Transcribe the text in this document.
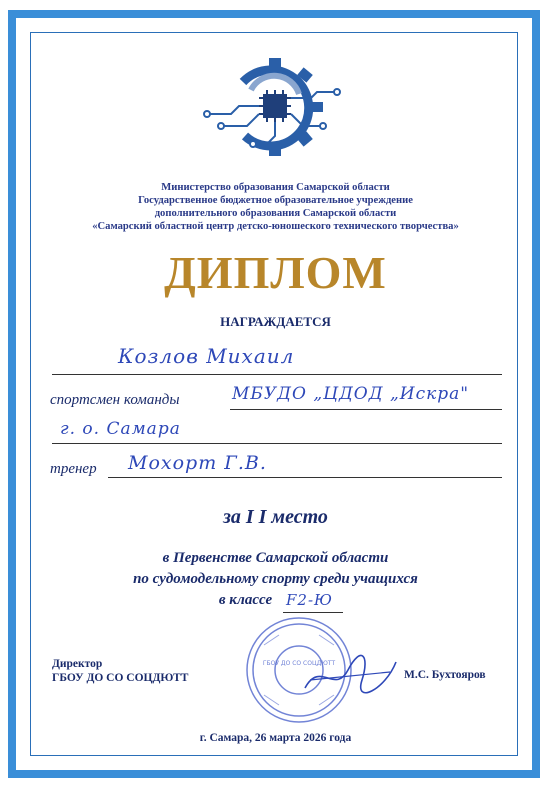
Министерство образования Самарской области
Государственное бюджетное образовательное учреждение
дополнительного образования Самарской области
«Самарский областной центр детско-юношеского технического творчества»
ДИПЛОМ
НАГРАЖДАЕТСЯ
Козлов Михаил
спортсмен команды	МБУДО „ЦДОД „Искра"
г. о. Самара
тренер Мохорт Г.В.
за I I место
в Первенстве Самарской области
по судомодельному спорту среди учащихся
в классе F2-Ю
Директор
ГБОУ ДО СО СОЦДЮТТ
ГБОУ ДО СО СОЦДЮТТ
М.С. Бухтояров
г. Самара, 26 марта 2026 года
